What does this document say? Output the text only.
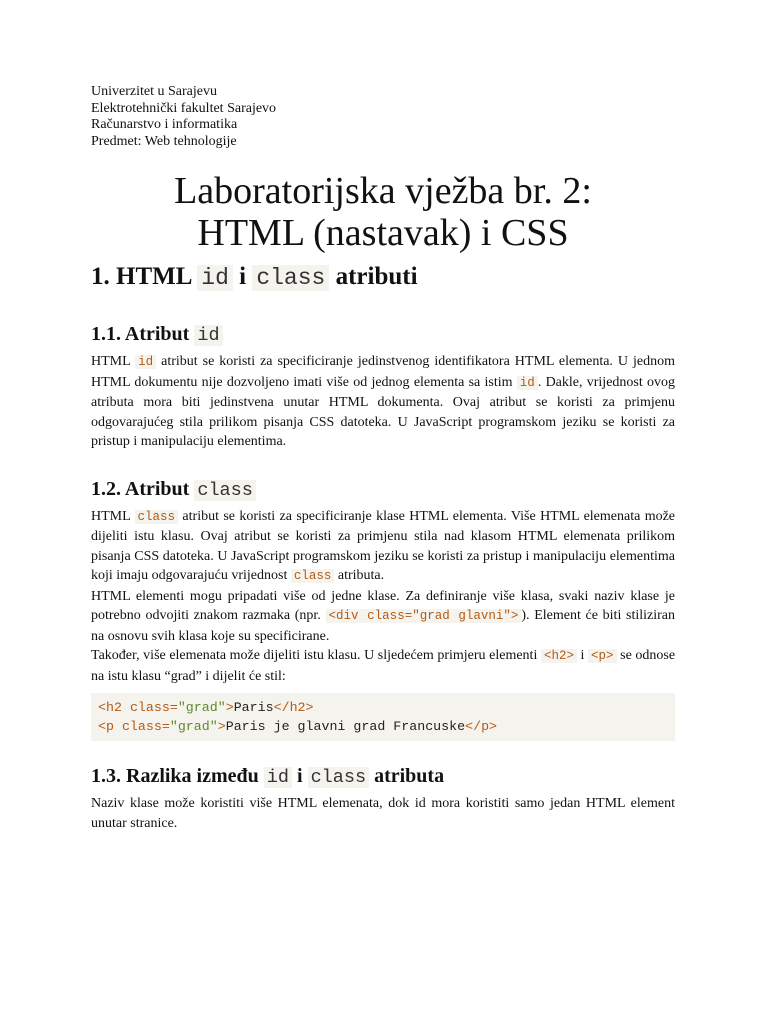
Univerzitet u Sarajevu
Elektrotehnički fakultet Sarajevo
Računarstvo i informatika
Predmet: Web tehnologije
Laboratorijska vježba br. 2:
HTML (nastavak) i CSS
1. HTML id i class atributi
1.1. Atribut id

HTML id atribut se koristi za specificiranje jedinstvenog identifikatora HTML elementa. U jednom HTML dokumentu nije dozvoljeno imati više od jednog elementa sa istim id . Dakle, vrijednost ovog atributa mora biti jedinstvena unutar HTML dokumenta. Ovaj atribut se koristi za primjenu odgovarajućeg stila prilikom pisanja CSS datoteka. U JavaScript programskom jeziku se koristi za pristup i manipulaciju elementima.

1.2. Atribut class

HTML class atribut se koristi za specificiranje klase HTML elementa. Više HTML elemenata može dijeliti istu klasu. Ovaj atribut se koristi za primjenu stila nad klasom HTML elemenata prilikom pisanja CSS datoteka. U JavaScript programskom jeziku se koristi za pristup i manipulaciju elementima koji imaju odgovarajuću vrijednost class atributa.

HTML elementi mogu pripadati više od jedne klase. Za definiranje više klasa, svaki naziv klase je potrebno odvojiti znakom razmaka (npr. <div class="grad glavni"> ). Element će biti stiliziran na osnovu svih klasa koje su specificirane.

Također, više elemenata može dijeliti istu klasu. U sljedećem primjeru elementi <h2> i <p> se odnose na istu klasu “grad” i dijelit će stil:

<h2 class="grad">Paris</h2>
<p class="grad">Paris je glavni grad Francuske</p>
1.3. Razlika između id i class atributa

Naziv klase može koristiti više HTML elemenata, dok id mora koristiti samo jedan HTML element unutar stranice.
